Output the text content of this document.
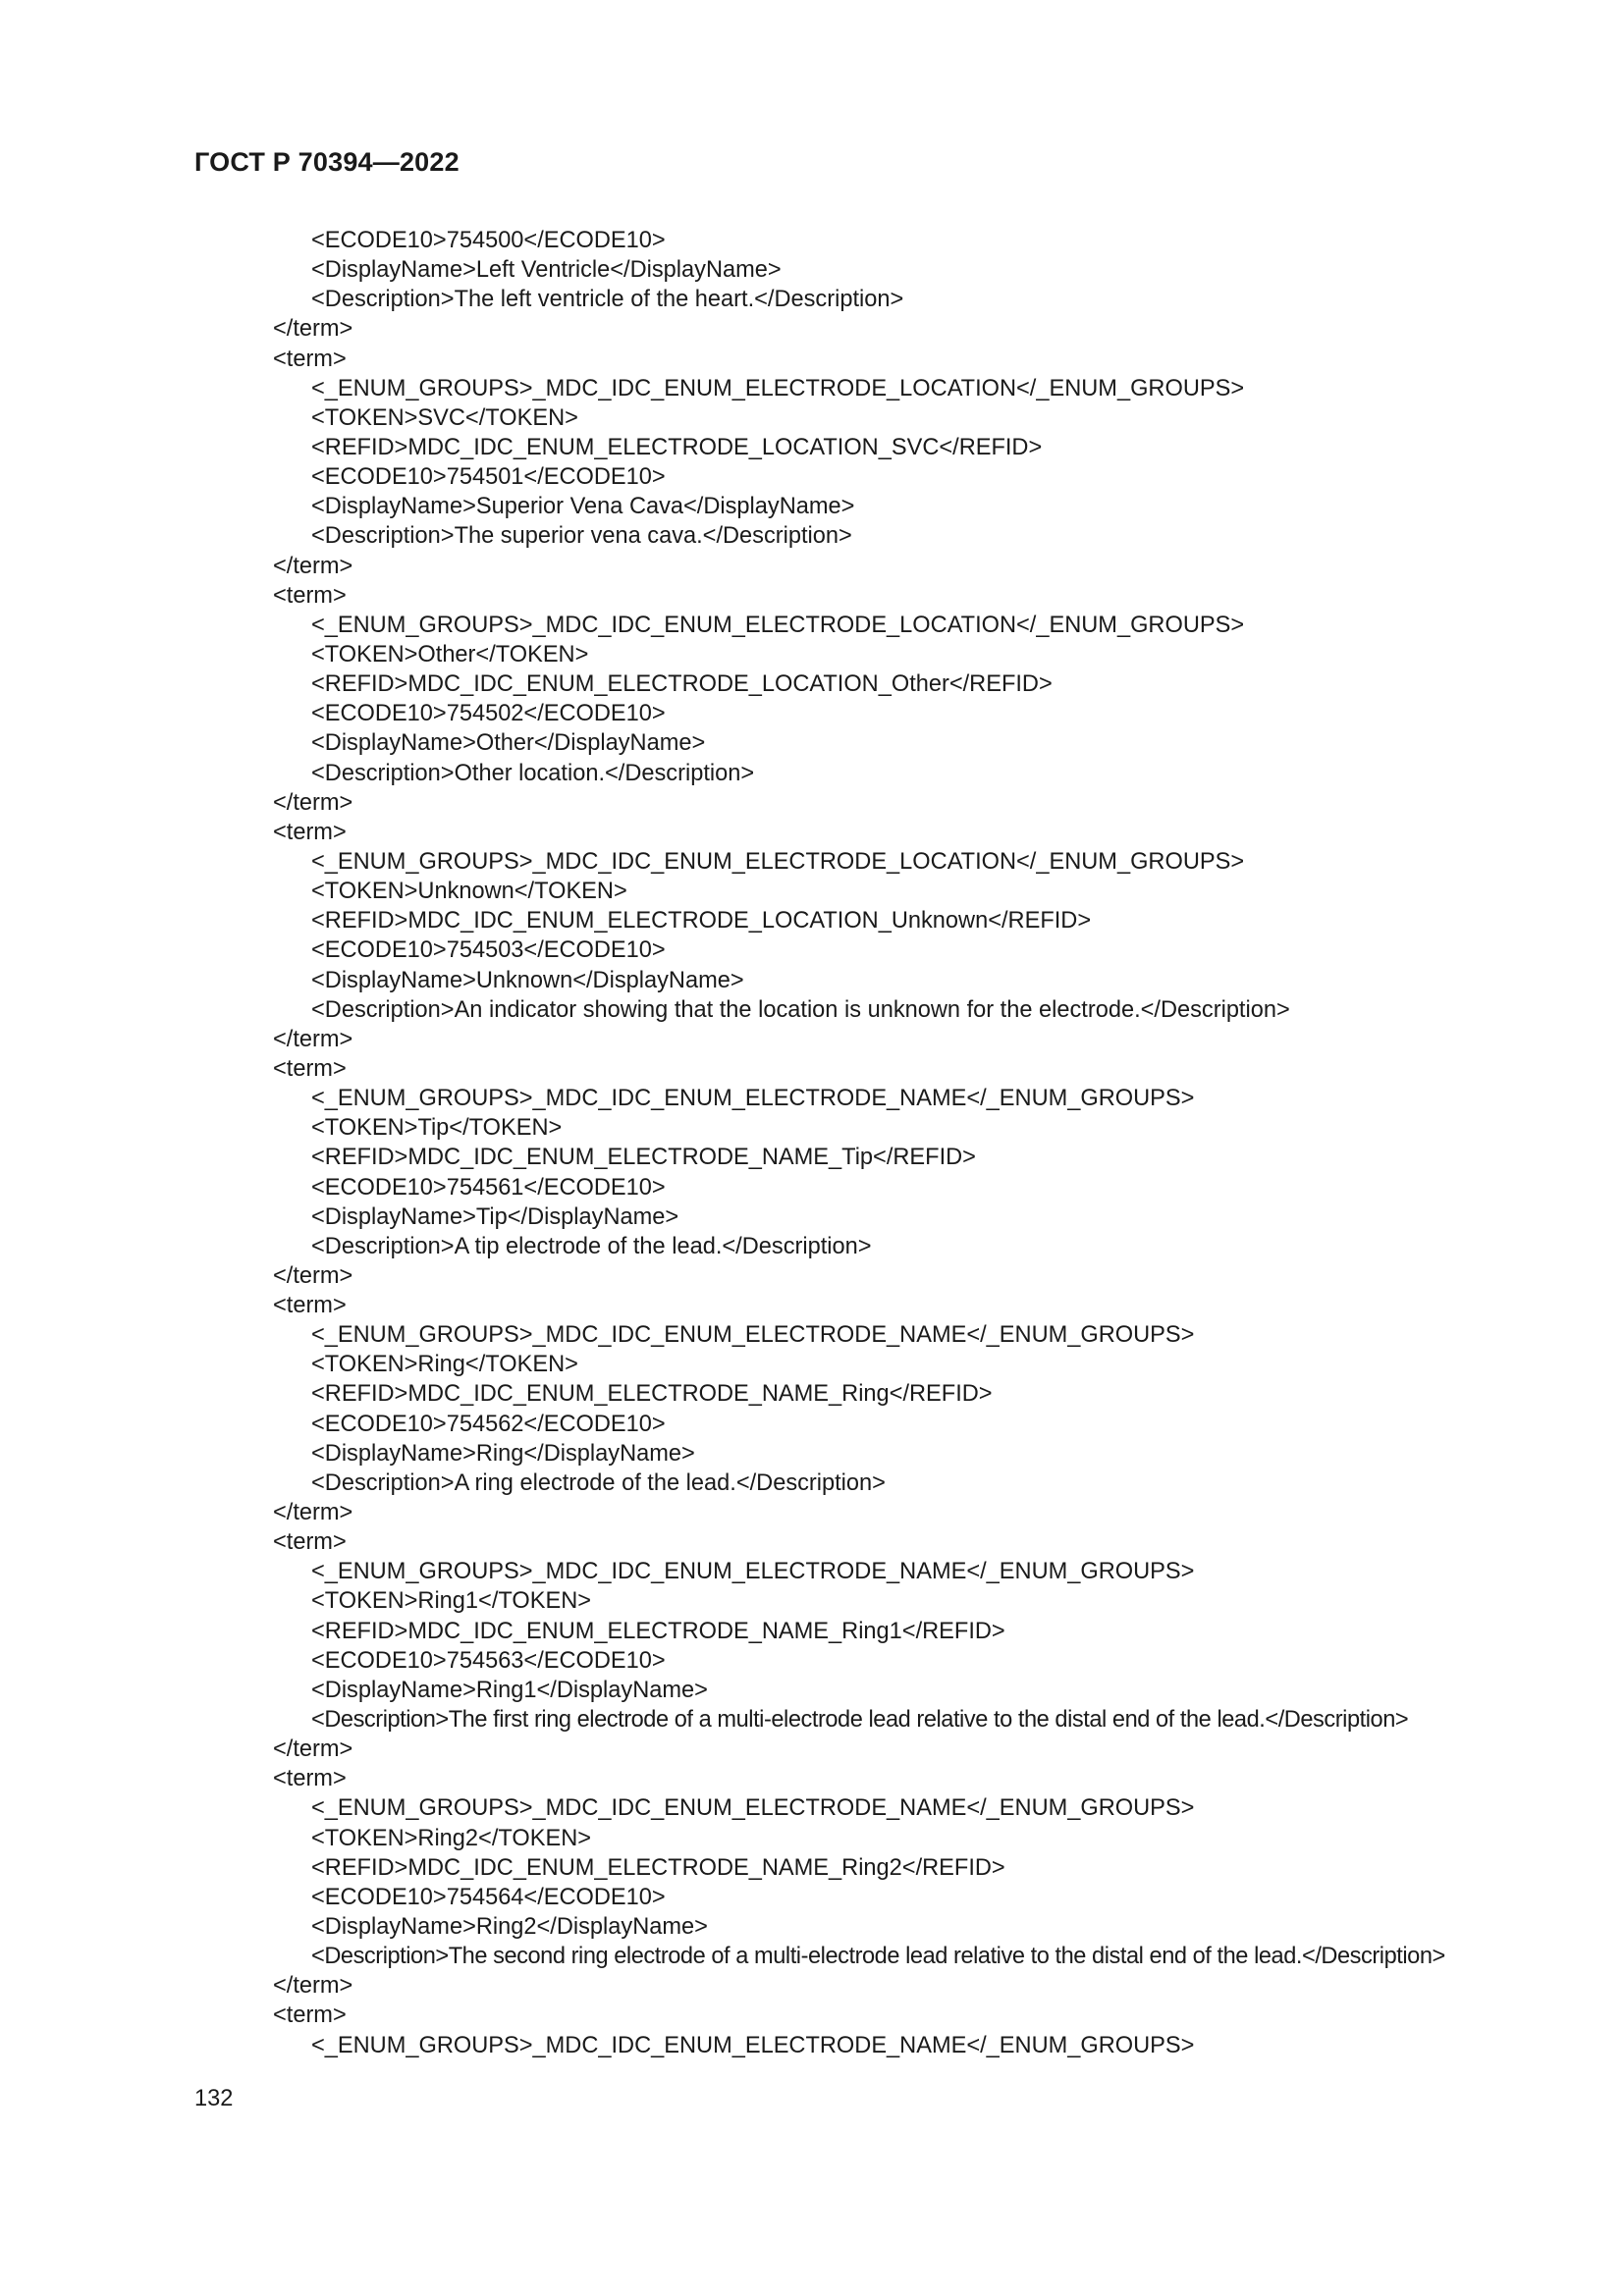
ГОСТ Р 70394—2022
<ECODE10>754500</ECODE10>
<DisplayName>Left Ventricle</DisplayName>
<Description>The left ventricle of the heart.</Description>
</term>
<term>
<_ENUM_GROUPS>_MDC_IDC_ENUM_ELECTRODE_LOCATION</_ENUM_GROUPS>
<TOKEN>SVC</TOKEN>
<REFID>MDC_IDC_ENUM_ELECTRODE_LOCATION_SVC</REFID>
<ECODE10>754501</ECODE10>
<DisplayName>Superior Vena Cava</DisplayName>
<Description>The superior vena cava.</Description>
</term>
<term>
<_ENUM_GROUPS>_MDC_IDC_ENUM_ELECTRODE_LOCATION</_ENUM_GROUPS>
<TOKEN>Other</TOKEN>
<REFID>MDC_IDC_ENUM_ELECTRODE_LOCATION_Other</REFID>
<ECODE10>754502</ECODE10>
<DisplayName>Other</DisplayName>
<Description>Other location.</Description>
</term>
<term>
<_ENUM_GROUPS>_MDC_IDC_ENUM_ELECTRODE_LOCATION</_ENUM_GROUPS>
<TOKEN>Unknown</TOKEN>
<REFID>MDC_IDC_ENUM_ELECTRODE_LOCATION_Unknown</REFID>
<ECODE10>754503</ECODE10>
<DisplayName>Unknown</DisplayName>
<Description>An indicator showing that the location is unknown for the electrode.</Description>
</term>
<term>
<_ENUM_GROUPS>_MDC_IDC_ENUM_ELECTRODE_NAME</_ENUM_GROUPS>
<TOKEN>Tip</TOKEN>
<REFID>MDC_IDC_ENUM_ELECTRODE_NAME_Tip</REFID>
<ECODE10>754561</ECODE10>
<DisplayName>Tip</DisplayName>
<Description>A tip electrode of the lead.</Description>
</term>
<term>
<_ENUM_GROUPS>_MDC_IDC_ENUM_ELECTRODE_NAME</_ENUM_GROUPS>
<TOKEN>Ring</TOKEN>
<REFID>MDC_IDC_ENUM_ELECTRODE_NAME_Ring</REFID>
<ECODE10>754562</ECODE10>
<DisplayName>Ring</DisplayName>
<Description>A ring electrode of the lead.</Description>
</term>
<term>
<_ENUM_GROUPS>_MDC_IDC_ENUM_ELECTRODE_NAME</_ENUM_GROUPS>
<TOKEN>Ring1</TOKEN>
<REFID>MDC_IDC_ENUM_ELECTRODE_NAME_Ring1</REFID>
<ECODE10>754563</ECODE10>
<DisplayName>Ring1</DisplayName>
<Description>The first ring electrode of a multi-electrode lead relative to the distal end of the lead.</Description>
</term>
<term>
<_ENUM_GROUPS>_MDC_IDC_ENUM_ELECTRODE_NAME</_ENUM_GROUPS>
<TOKEN>Ring2</TOKEN>
<REFID>MDC_IDC_ENUM_ELECTRODE_NAME_Ring2</REFID>
<ECODE10>754564</ECODE10>
<DisplayName>Ring2</DisplayName>
<Description>The second ring electrode of a multi-electrode lead relative to the distal end of the lead.</Description>
</term>
<term>
<_ENUM_GROUPS>_MDC_IDC_ENUM_ELECTRODE_NAME</_ENUM_GROUPS>
132
